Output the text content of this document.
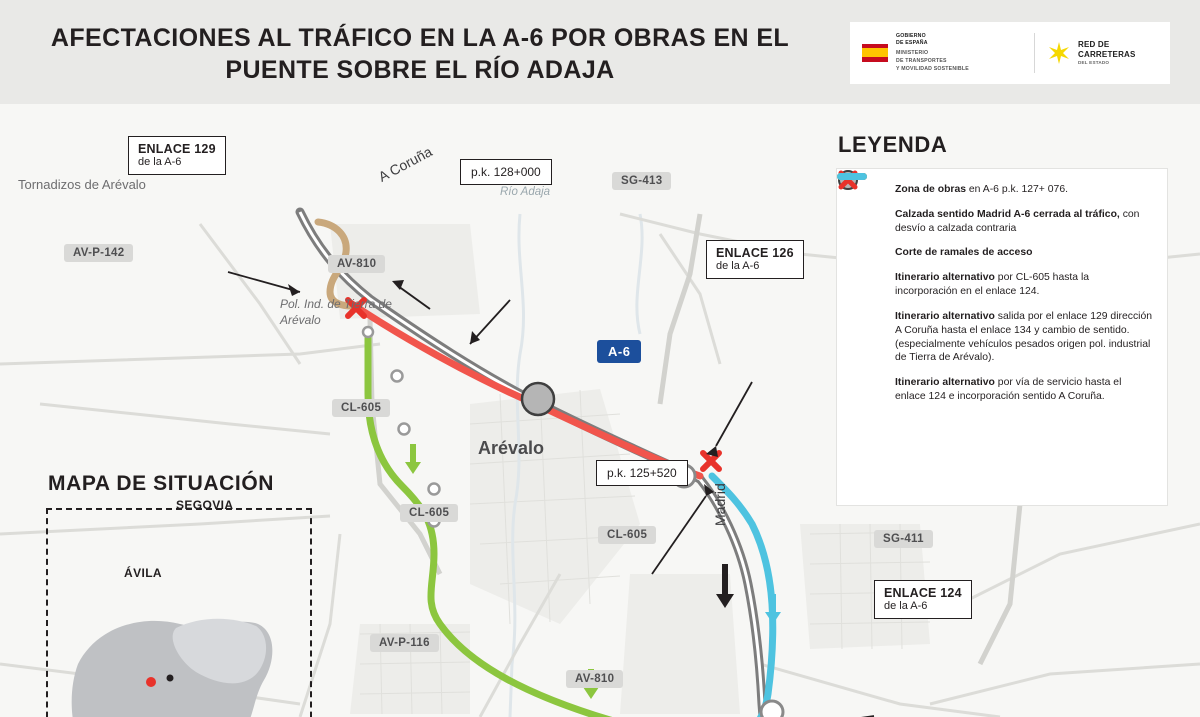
AFECTACIONES AL TRÁFICO EN LA A-6 POR OBRAS EN EL PUENTE SOBRE EL RÍO ADAJA
GOBIERNO
DE ESPAÑA
MINISTERIO
DE TRANSPORTES
Y MOVILIDAD SOSTENIBLE
RED DE
CARRETERAS
DEL ESTADO
Tornadizos de Arévalo
Pol. Ind. de Tierra de Arévalo
Arévalo
Río Adaja
A Coruña
Madrid
SG-413
AV-P-142
AV-810
CL-605
CL-605
CL-605
AV-P-116
AV-810
SG-411
A-6
p.k. 128+000
p.k. 125+520
ENLACE 129
de la A-6
ENLACE 126
de la A-6
ENLACE 124
de la A-6
MAPA DE SITUACIÓN
SEGOVIA
ÁVILA
LEYENDA
Zona de obras en A-6 p.k. 127+ 076.
Calzada sentido Madrid A-6 cerrada al tráfico, con desvío a calzada contraria
Corte de ramales de acceso
Itinerario alternativo por CL-605 hasta la incorporación en el enlace 124.
Itinerario alternativo salida por el enlace 129 dirección A Coruña hasta el enlace 134 y cambio de sentido. (especialmente vehículos pesados origen pol. industrial de Tierra de Arévalo).
Itinerario alternativo por vía de servicio hasta el enlace 124 e incorporación sentido A Coruña.
